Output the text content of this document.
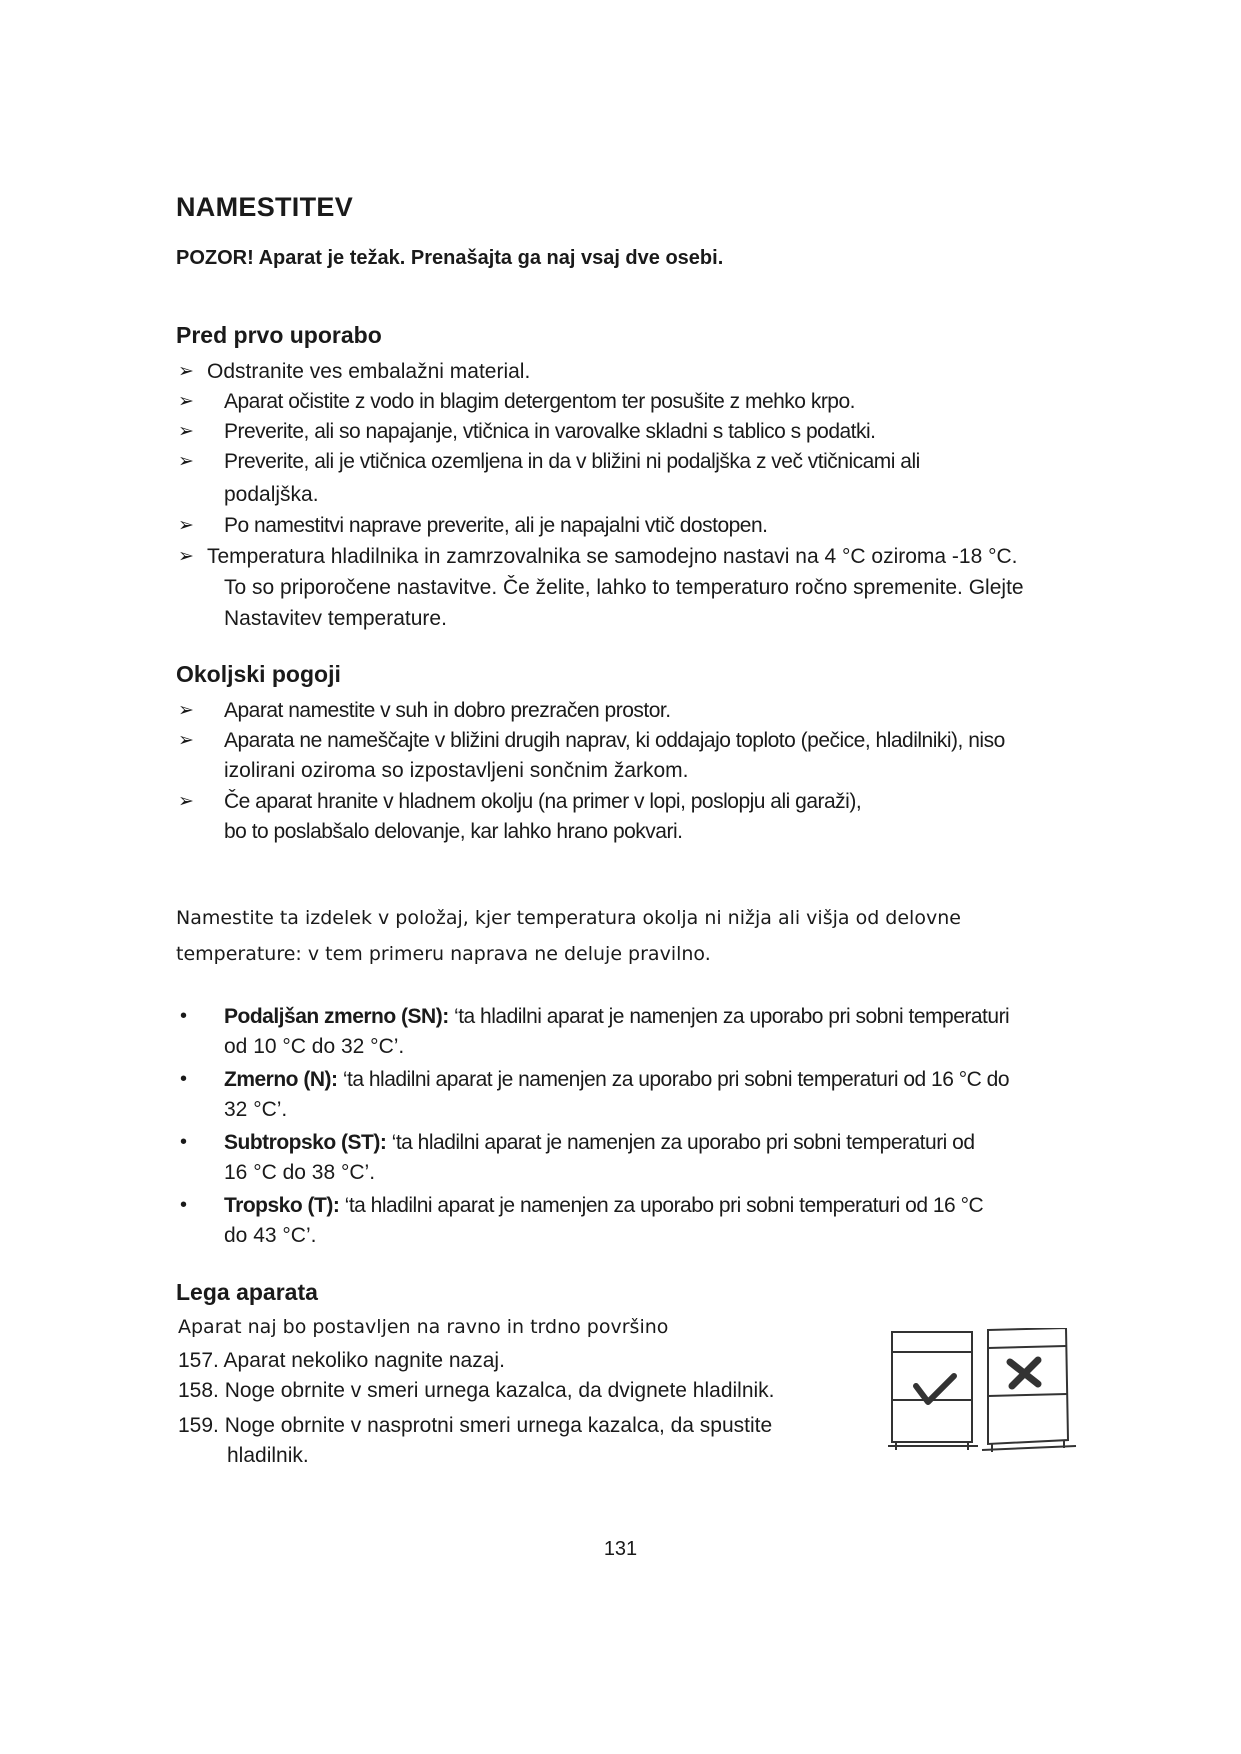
NAMESTITEV
POZOR! Aparat je težak. Prenašajta ga naj vsaj dve osebi.
Pred prvo uporabo
➢ Odstranite ves embalažni material.
➢ Aparat očistite z vodo in blagim detergentom ter posušite z mehko krpo.
➢ Preverite, ali so napajanje, vtičnica in varovalke skladni s tablico s podatki.
➢ Preverite, ali je vtičnica ozemljena in da v bližini ni podaljška z več vtičnicami ali
podaljška.
➢ Po namestitvi naprave preverite, ali je napajalni vtič dostopen.
➢ Temperatura hladilnika in zamrzovalnika se samodejno nastavi na 4 °C oziroma -18 °C.
To so priporočene nastavitve. Če želite, lahko to temperaturo ročno spremenite. Glejte
Nastavitev temperature.
Okoljski pogoji
➢ Aparat namestite v suh in dobro prezračen prostor.
➢ Aparata ne nameščajte v bližini drugih naprav, ki oddajajo toploto (pečice, hladilniki), niso
izolirani oziroma so izpostavljeni sončnim žarkom.
➢ Če aparat hranite v hladnem okolju (na primer v lopi, poslopju ali garaži),
bo to poslabšalo delovanje, kar lahko hrano pokvari.
Namestite ta izdelek v položaj, kjer temperatura okolja ni nižja ali višja od delovne
temperature: v tem primeru naprava ne deluje pravilno.
• Podaljšan zmerno (SN): ‘ta hladilni aparat je namenjen za uporabo pri sobni temperaturi
od 10 °C do 32 °C’.
• Zmerno (N): ‘ta hladilni aparat je namenjen za uporabo pri sobni temperaturi od 16 °C do
32 °C’.
• Subtropsko (ST): ‘ta hladilni aparat je namenjen za uporabo pri sobni temperaturi od
16 °C do 38 °C’.
• Tropsko (T): ‘ta hladilni aparat je namenjen za uporabo pri sobni temperaturi od 16 °C
do 43 °C’.
Lega aparata
Aparat naj bo postavljen na ravno in trdno površino
157. Aparat nekoliko nagnite nazaj.
158. Noge obrnite v smeri urnega kazalca, da dvignete hladilnik.
159. Noge obrnite v nasprotni smeri urnega kazalca, da spustite
hladilnik.
131
